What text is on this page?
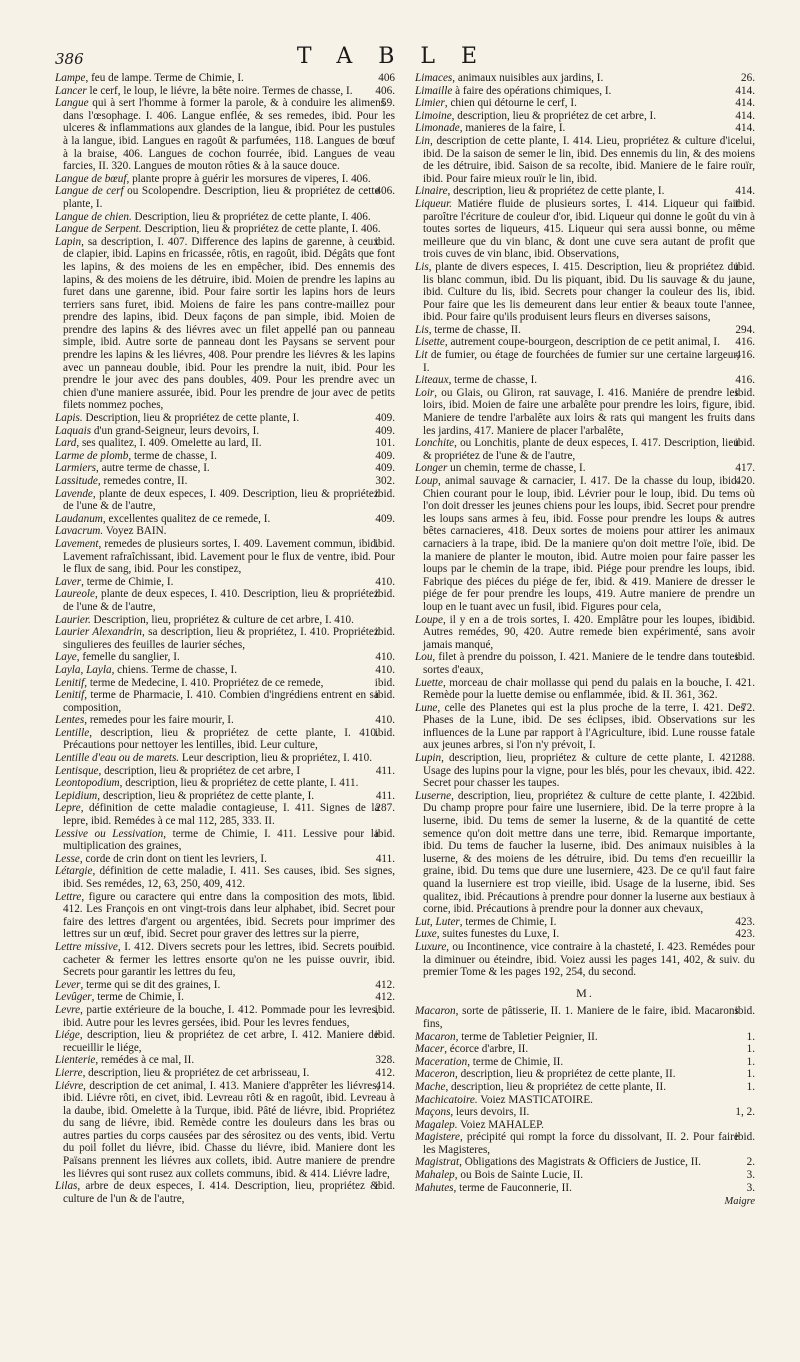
386	TABLE
406
Lampe, feu de lampe. Terme de Chimie, I.
406.
Lancer le cerf, le loup, le liévre, la bête noire. Termes de chasse, I.
59.
Langue qui à sert l'homme à former la parole, & à conduire les alimens dans l'œsophage. I. 406. Langue enflée, & ses remedes, ibid. Pour les ulceres & inflammations aux glandes de la langue, ibid. Pour les pustules à la langue, ibid. Langues en ragoût & parfumées, 118. Langues de bœuf à la braise, 406. Langues de cochon fourrée, ibid. Langues de veau farcies, II. 320. Langues de mouton rôties & à la sauce douce.
Langue de bœuf, plante propre à guérir les morsures de viperes, I. 406.
406.
Langue de cerf ou Scolopendre. Description, lieu & propriétez de cette plante, I.
Langue de chien. Description, lieu & propriétez de cette plante, I. 406.
Langue de Serpent. Description, lieu & propriétez de cette plante, I. 406.
ibid.
Lapin, sa description, I. 407. Difference des lapins de garenne, à ceux de clapier, ibid. Lapins en fricassée, rôtis, en ragoût, ibid. Dégâts que font les lapins, & des moiens de les en empêcher, ibid. Des ennemis des lapins, & des moiens de les détruire, ibid. Moien de prendre les lapins au furet dans une garenne, ibid. Pour faire sortir les lapins hors de leurs terriers sans furet, ibid. Moiens de faire les pans contre-maillez pour prendre des lapins, ibid. Deux façons de pan simple, ibid. Moien de prendre des lapins & des liévres avec un filet appellé pan ou panneau simple, ibid. Autre sorte de panneau dont les Paysans se servent pour prendre les lapins & les liévres, 408. Pour prendre les liévres & les lapins avec un panneau double, ibid. Pour les prendre la nuit, ibid. Pour les prendre le jour avec des pans doubles, 409. Pour les prendre avec un chien d'une maniere assurée, ibid. Pour les prendre de jour avec de petits filets nommez poches,
409.
Lapis. Description, lieu & propriétez de cette plante, I.
409.
Laquais d'un grand-Seigneur, leurs devoirs, I.
101.
Lard, ses qualitez, I. 409. Omelette au lard, II.
409.
Larme de plomb, terme de chasse, I.
409.
Larmiers, autre terme de chasse, I.
302.
Lassitude, remedes contre, II.
ibid.
Lavende, plante de deux especes, I. 409. Description, lieu & propriétez de l'une & de l'autre,
409.
Laudanum, excellentes qualitez de ce remede, I.
Lavacrum. Voyez BAIN.
ibid.
Lavement, remedes de plusieurs sortes, I. 409. Lavement commun, ibid. Lavement rafraîchissant, ibid. Lavement pour le flux de ventre, ibid. Pour le flux de sang, ibid. Pour les constipez,
410.
Laver, terme de Chimie, I.
ibid.
Laureole, plante de deux especes, I. 410. Description, lieu & propriétez de l'une & de l'autre,
Laurier. Description, lieu, propriétez & culture de cet arbre, I. 410.
ibid.
Laurier Alexandrin, sa description, lieu & propriétez, I. 410. Propriétez singulieres des feuilles de laurier séches,
410.
Laye, femelle du sanglier, I.
410.
Layla, Layla, chiens. Terme de chasse, I.
ibid.
Lenitif, terme de Medecine, I. 410. Propriétez de ce remede,
ibid.
Lenitif, terme de Pharmacie, I. 410. Combien d'ingrédiens entrent en sa composition,
410.
Lentes, remedes pour les faire mourir, I.
ibid.
Lentille, description, lieu & propriétez de cette plante, I. 410. Précautions pour nettoyer les lentilles, ibid. Leur culture,
Lentille d'eau ou de marets. Leur description, lieu & propriétez, I. 410.
411.
Lentisque, description, lieu & propriétez de cet arbre, I
Leontopodium, description, lieu & propriétez de cette plante, I. 411.
411.
Lepidium, description, lieu & propriétez de cette plante, I.
287.
Lepre, définition de cette maladie contagieuse, I. 411. Signes de la lepre, ibid. Remédes à ce mal 112, 285, 333. II.
ibid.
Lessive ou Lessivation, terme de Chimie, I. 411. Lessive pour la multiplication des graines,
411.
Lesse, corde de crin dont on tient les levriers, I.
Létargie, définition de cette maladie, I. 411. Ses causes, ibid. Ses signes, ibid. Ses remédes, 12, 63, 250, 409, 412.
ibid.
Lettre, figure ou caractere qui entre dans la composition des mots, I. 412. Les François en ont vingt-trois dans leur alphabet, ibid. Secret pour faire des lettres d'argent ou argentées, ibid. Secrets pour imprimer des lettres sur un œuf, ibid. Secret pour graver des lettres sur la pierre,
ibid.
Lettre missive, I. 412. Divers secrets pour les lettres, ibid. Secrets pour cacheter & fermer les lettres ensorte qu'on ne les puisse ouvrir, ibid. Secrets pour garantir les lettres du feu,
412.
Lever, terme qui se dit des graines, I.
412.
Levûger, terme de Chimie, I.
ibid.
Levre, partie extérieure de la bouche, I. 412. Pommade pour les levres, ibid. Autre pour les levres gersées, ibid. Pour les levres fendues,
ibid.
Liége, description, lieu & propriétez de cet arbre, I. 412. Maniere de recueillir le liége,
328.
Lienterie, remédes à ce mal, II.
412.
Lierre, description, lieu & propriétez de cet arbrisseau, I.
414.
Liévre, description de cet animal, I. 413. Maniere d'apprêter les liévres, ibid. Liévre rôti, en civet, ibid. Levreau rôti & en ragoût, ibid. Levreau à la daube, ibid. Omelette à la Turque, ibid. Pâté de liévre, ibid. Propriétez du sang de liévre, ibid. Remède contre les douleurs dans les bras ou autres parties du corps causées par des sérositez ou des vents, ibid. Vertu du poil follet du liévre, ibid. Chasse du liévre, ibid. Maniere dont les Païsans prennent les liévres aux collets, ibid. Autre maniere de prendre les liévres qui sont rusez aux collets communs, ibid. & 414. Liévre ladre,
ibid.
Lilas, arbre de deux especes, I. 414. Description, lieu, propriétez & culture de l'un & de l'autre,
26.
Limaces, animaux nuisibles aux jardins, I.
414.
Limaille à faire des opérations chimiques, I.
414.
Limier, chien qui détourne le cerf, I.
414.
Limoine, description, lieu & propriétez de cet arbre, I.
414.
Limonade, manieres de la faire, I.
Lin, description de cette plante, I. 414. Lieu, propriétez & culture d'icelui, ibid. De la saison de semer le lin, ibid. Des ennemis du lin, & des moiens de les détruire, ibid. Saison de sa recolte, ibid. Maniere de le faire rouïr, ibid. Pour faire mieux rouïr le lin, ibid.
414.
Linaire, description, lieu & propriétez de cette plante, I.
ibid.
Liqueur. Matiére fluide de plusieurs sortes, I. 414. Liqueur qui fait paroître l'écriture de couleur d'or, ibid. Liqueur qui donne le goût du vin à toutes sortes de liqueurs, 415. Liqueur qui sera aussi bonne, ou même meilleure que du vin blanc, & dont une cuve sera autant de profit que trois cuves de vin blanc, ibid. Observations,
ibid.
Lis, plante de divers especes, I. 415. Description, lieu & propriétez du lis blanc commun, ibid. Du lis piquant, ibid. Du lis sauvage & du jaune, ibid. Culture du lis, ibid. Secrets pour changer la couleur des lis, ibid. Pour faire que les lis demeurent dans leur entier & beaux toute l'annee, ibid. Pour faire qu'ils produisent leurs fleurs en diverses saisons,
294.
Lis, terme de chasse, II.
416.
Lisette, autrement coupe-bourgeon, description de ce petit animal, I.
416.
Lit de fumier, ou étage de fourchées de fumier sur une certaine largeur, I.
416.
Liteaux, terme de chasse, I.
ibid.
Loir, ou Glais, ou Gliron, rat sauvage, I. 416. Maniére de prendre les loirs, ibid. Moien de faire une arbalête pour prendre les loirs, figure, ibid. Maniere de tendre l'arbalête aux loirs & rats qui mangent les fruits dans les jardins, 417. Maniere de placer l'arbalête,
ibid.
Lonchite, ou Lonchitis, plante de deux especes, I. 417. Description, lieu & propriétez de l'une & de l'autre,
417.
Longer un chemin, terme de chasse, I.
420.
Loup, animal sauvage & carnacier, I. 417. De la chasse du loup, ibid. Chien courant pour le loup, ibid. Lévrier pour le loup, ibid. Du tems où l'on doit dresser les jeunes chiens pour les loups, ibid. Secret pour prendre les loups sans armes à feu, ibid. Fosse pour prendre les loups & autres bêtes carnacieres, 418. Deux sortes de moiens pour attirer les animaux carnaciers à la trape, ibid. De la maniere qu'on doit mettre l'oïe, ibid. De la maniere de planter le mouton, ibid. Autre moien pour faire passer les loups par le chemin de la trape, ibid. Piége pour prendre les loups, ibid. Fabrique des piéces du piége de fer, ibid. & 419. Maniere de dresser le piége de fer pour prendre les loups, 419. Autre maniere de prendre un loup en le tuant avec un fusil, ibid. Figures pour cela,
ibid.
Loupe, il y en a de trois sortes, I. 420. Emplâtre pour les loupes, ibid. Autres remédes, 90, 420. Autre remede bien expérimenté, sans avoir jamais manqué,
ibid.
Lou, filet à prendre du poisson, I. 421. Maniere de le tendre dans toutes sortes d'eaux,
Luette, morceau de chair mollasse qui pend du palais en la bouche, I. 421. Remède pour la luette demise ou enflammée, ibid. & II. 361, 362.
72.
Lune, celle des Planetes qui est la plus proche de la terre, I. 421. Des Phases de la Lune, ibid. De ses éclipses, ibid. Observations sur les influences de la Lune par rapport à l'Agriculture, ibid. Lune rousse fatale aux jeunes arbres, si l'on n'y prévoit, I.
288.
Lupin, description, lieu, propriétez & culture de cette plante, I. 421. Usage des lupins pour la vigne, pour les blés, pour les chevaux, ibid. 422. Secret pour chasser les taupes.
ibid.
Luserne, description, lieu, propriétez & culture de cette plante, I. 422. Du champ propre pour faire une luserniere, ibid. De la terre propre à la luserne, ibid. Du tems de semer la luserne, & de la quantité de cette semence qu'on doit mettre dans une terre, ibid. Remarque importante, ibid. Du tems de faucher la luserne, ibid. Des animaux nuisibles à la luserne, & des moiens de les détruire, ibid. Du tems d'en recueillir la graine, ibid. Du tems que dure une luserniere, 423. De ce qu'il faut faire quand la luserniere est trop vieille, ibid. Usage de la luserne, ibid. Ses qualitez, ibid. Précautions à prendre pour donner la luserne aux bestiaux à corne, ibid. Précautions à prendre pour la donner aux chevaux,
423.
Lut, Luter, termes de Chimie, I.
423.
Luxe, suites funestes du Luxe, I.
Luxure, ou Incontinence, vice contraire à la chasteté, I. 423. Remédes pour la diminuer ou éteindre, ibid. Voiez aussi les pages 141, 402, & suiv. du premier Tome & les pages 192, 254, du second.
M.
ibid.
Macaron, sorte de pâtisserie, II. 1. Maniere de le faire, ibid. Macarons fins,
1.
Macaron, terme de Tabletier Peignier, II.
1.
Macer, écorce d'arbre, II.
1.
Maceration, terme de Chimie, II.
1.
Maceron, description, lieu & propriétez de cette plante, II.
1.
Mache, description, lieu & propriétez de cette plante, II.
Machicatoire. Voiez MASTICATOIRE.
1, 2.
Maçons, leurs devoirs, II.
Magalep. Voiez MAHALEP.
ibid.
Magistere, précipité qui rompt la force du dissolvant, II. 2. Pour faire les Magisteres,
2.
Magistrat, Obligations des Magistrats & Officiers de Justice, II.
3.
Mahalep, ou Bois de Sainte Lucie, II.
3.
Mahutes, terme de Fauconnerie, II.
Maigre
